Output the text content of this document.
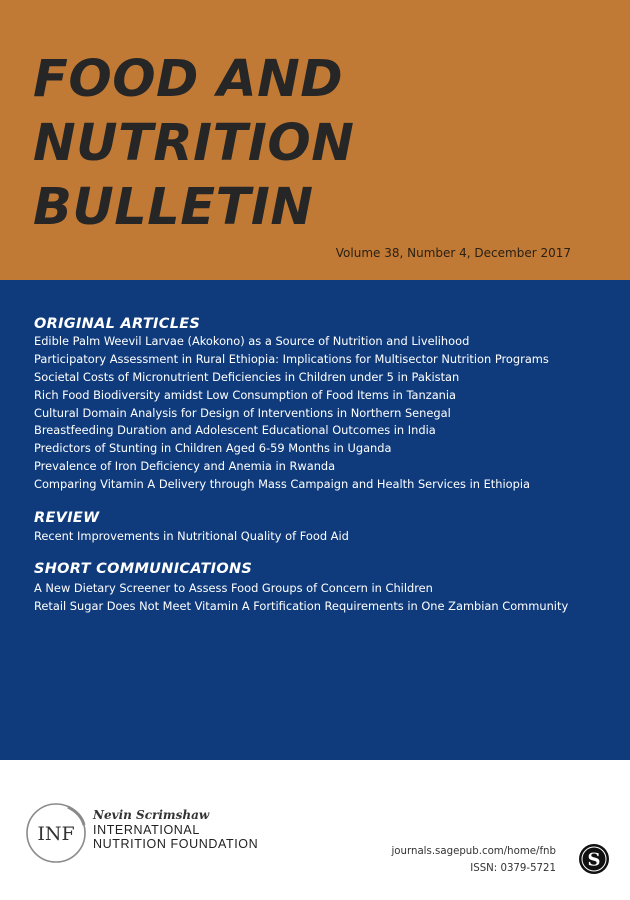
FOOD AND
NUTRITION
BULLETIN
Volume 38, Number 4, December 2017
ORIGINAL ARTICLES
Edible Palm Weevil Larvae (Akokono) as a Source of Nutrition and Livelihood
Participatory Assessment in Rural Ethiopia: Implications for Multisector Nutrition Programs
Societal Costs of Micronutrient Deficiencies in Children under 5 in Pakistan
Rich Food Biodiversity amidst Low Consumption of Food Items in Tanzania
Cultural Domain Analysis for Design of Interventions in Northern Senegal
Breastfeeding Duration and Adolescent Educational Outcomes in India
Predictors of Stunting in Children Aged 6-59 Months in Uganda
Prevalence of Iron Deficiency and Anemia in Rwanda
Comparing Vitamin A Delivery through Mass Campaign and Health Services in Ethiopia
REVIEW
Recent Improvements in Nutritional Quality of Food Aid
SHORT COMMUNICATIONS
A New Dietary Screener to Assess Food Groups of Concern in Children
Retail Sugar Does Not Meet Vitamin A Fortification Requirements in One Zambian Community
INF
Nevin Scrimshaw
INTERNATIONAL
NUTRITION FOUNDATION
journals.sagepub.com/home/fnb
ISSN: 0379-5721 S
